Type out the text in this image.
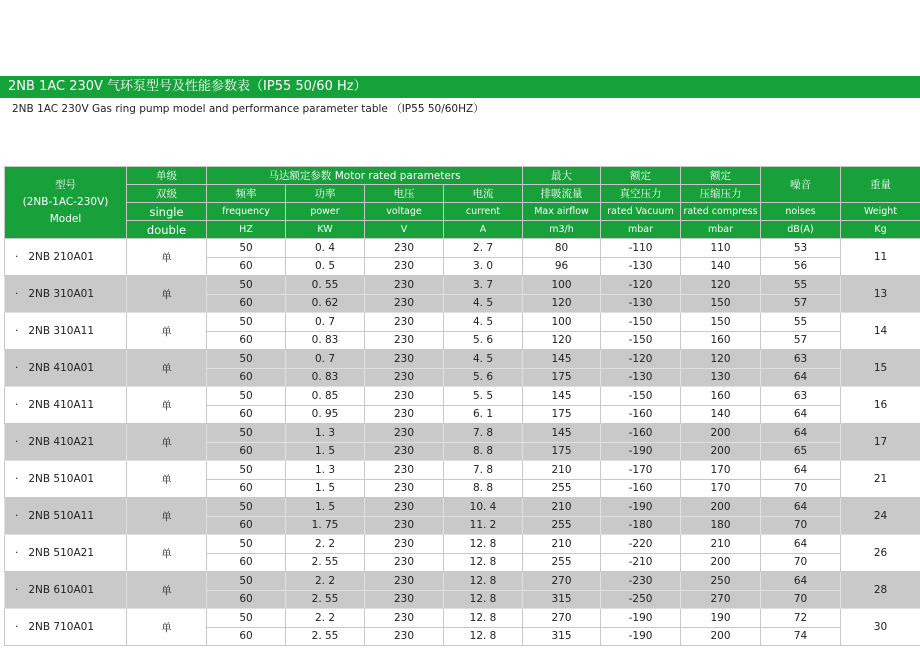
2NB 1AC 230V 气环泵型号及性能参数表（IP55 50/60 Hz）
2NB 1AC 230V Gas ring pump model and performance parameter table （IP55 50/60HZ）
型号
(2NB-1AC-230V)
Model	单级	马达额定参数 Motor rated parameters				最大	额定	额定	噪音	重量
	双级	频率	功率	电压	电流	排吸流量	真空压力	压缩压力		
	single	frequency	power	voltage	current	Max airflow	rated Vacuum	rated compress	noises	Weight
	double	HZ	KW	V	A	m3/h	mbar	mbar	dB(A)	Kg
· 2NB 210A01	单	50	0. 4	230	2. 7	80	-110	110	53	11
		60	0. 5	230	3. 0	96	-130	140	56	
· 2NB 310A01	单	50	0. 55	230	3. 7	100	-120	120	55	13
		60	0. 62	230	4. 5	120	-130	150	57	
· 2NB 310A11	单	50	0. 7	230	4. 5	100	-150	150	55	14
		60	0. 83	230	5. 6	120	-150	160	57	
· 2NB 410A01	单	50	0. 7	230	4. 5	145	-120	120	63	15
		60	0. 83	230	5. 6	175	-130	130	64	
· 2NB 410A11	单	50	0. 85	230	5. 5	145	-150	160	63	16
		60	0. 95	230	6. 1	175	-160	140	64	
· 2NB 410A21	单	50	1. 3	230	7. 8	145	-160	200	64	17
		60	1. 5	230	8. 8	175	-190	200	65	
· 2NB 510A01	单	50	1. 3	230	7. 8	210	-170	170	64	21
		60	1. 5	230	8. 8	255	-160	170	70	
· 2NB 510A11	单	50	1. 5	230	10. 4	210	-190	200	64	24
		60	1. 75	230	11. 2	255	-180	180	70	
· 2NB 510A21	单	50	2. 2	230	12. 8	210	-220	210	64	26
		60	2. 55	230	12. 8	255	-210	200	70	
· 2NB 610A01	单	50	2. 2	230	12. 8	270	-230	250	64	28
		60	2. 55	230	12. 8	315	-250	270	70	
· 2NB 710A01	单	50	2. 2	230	12. 8	270	-190	190	72	30
		60	2. 55	230	12. 8	315	-190	200	74	
